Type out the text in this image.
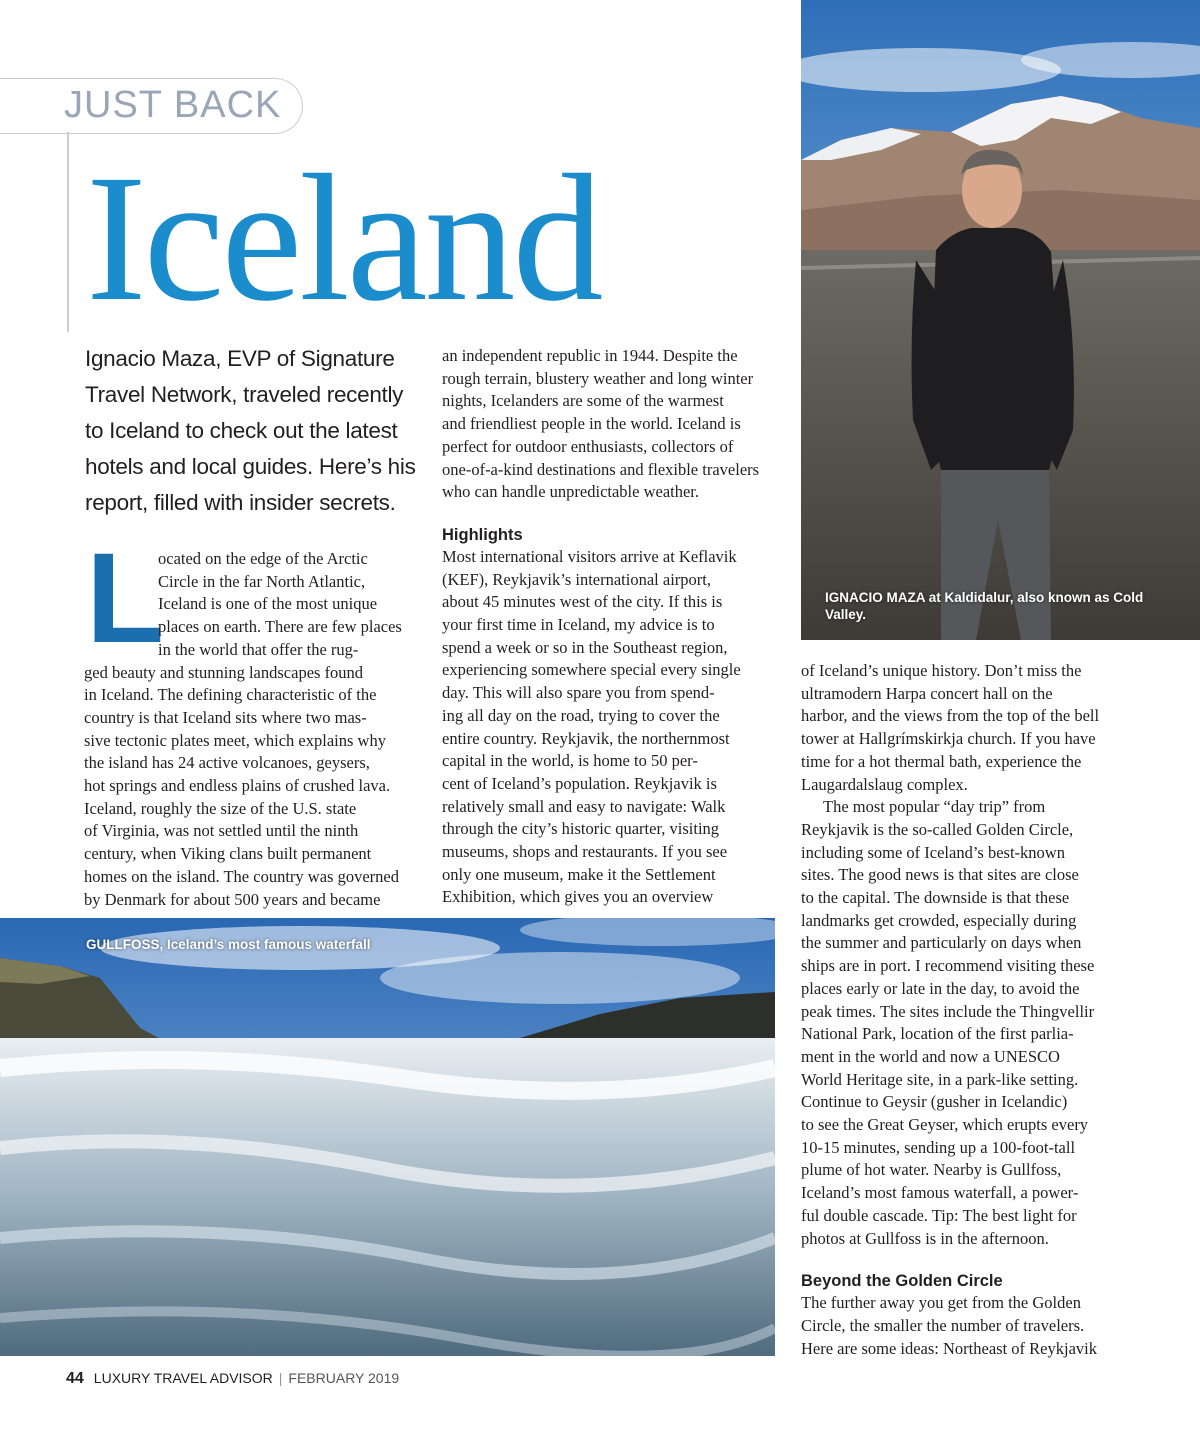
JUST BACK
Iceland
IGNACIO MAZA at Kaldidalur, also known as Cold Valley.

Ignacio Maza, EVP of Signature

Travel Network, traveled recently

to Iceland to check out the latest

hotels and local guides. Here’s his

report, filled with insider secrets.

L

ocated on the edge of the Arctic

Circle in the far North Atlantic,

Iceland is one of the most unique

places on earth. There are few places

in the world that offer the rug-

ged beauty and stunning landscapes found

in Iceland. The defining characteristic of the

country is that Iceland sits where two mas-

sive tectonic plates meet, which explains why

the island has 24 active volcanoes, geysers,

hot springs and endless plains of crushed lava.

Iceland, roughly the size of the U.S. state

of Virginia, was not settled until the ninth

century, when Viking clans built permanent

homes on the island. The country was governed

by Denmark for about 500 years and became

an independent republic in 1944. Despite the

rough terrain, blustery weather and long winter

nights, Icelanders are some of the warmest

and friendliest people in the world. Iceland is

perfect for outdoor enthusiasts, collectors of

one-of-a-kind destinations and flexible travelers

who can handle unpredictable weather.

Highlights

Most international visitors arrive at Keflavik

(KEF), Reykjavik’s international airport,

about 45 minutes west of the city. If this is

your first time in Iceland, my advice is to

spend a week or so in the Southeast region,

experiencing somewhere special every single

day. This will also spare you from spend-

ing all day on the road, trying to cover the

entire country. Reykjavik, the northernmost

capital in the world, is home to 50 per-

cent of Iceland’s population. Reykjavik is

relatively small and easy to navigate: Walk

through the city’s historic quarter, visiting

museums, shops and restaurants. If you see

only one museum, make it the Settlement

Exhibition, which gives you an overview

of Iceland’s unique history. Don’t miss the

ultramodern Harpa concert hall on the

harbor, and the views from the top of the bell

tower at Hallgrímskirkja church. If you have

time for a hot thermal bath, experience the

Laugardalslaug complex.

The most popular “day trip” from

Reykjavik is the so-called Golden Circle,

including some of Iceland’s best-known

sites. The good news is that sites are close

to the capital. The downside is that these

landmarks get crowded, especially during

the summer and particularly on days when

ships are in port. I recommend visiting these

places early or late in the day, to avoid the

peak times. The sites include the Thingvellir

National Park, location of the first parlia-

ment in the world and now a UNESCO

World Heritage site, in a park-like setting.

Continue to Geysir (gusher in Icelandic)

to see the Great Geyser, which erupts every

10-15 minutes, sending up a 100-foot-tall

plume of hot water. Nearby is Gullfoss,

Iceland’s most famous waterfall, a power-

ful double cascade. Tip: The best light for

photos at Gullfoss is in the afternoon.

Beyond the Golden Circle

The further away you get from the Golden

Circle, the smaller the number of travelers.

Here are some ideas: Northeast of Reykjavik

GULLFOSS, Iceland’s most famous waterfall
44 LUXURY TRAVEL ADVISOR | FEBRUARY 2019
